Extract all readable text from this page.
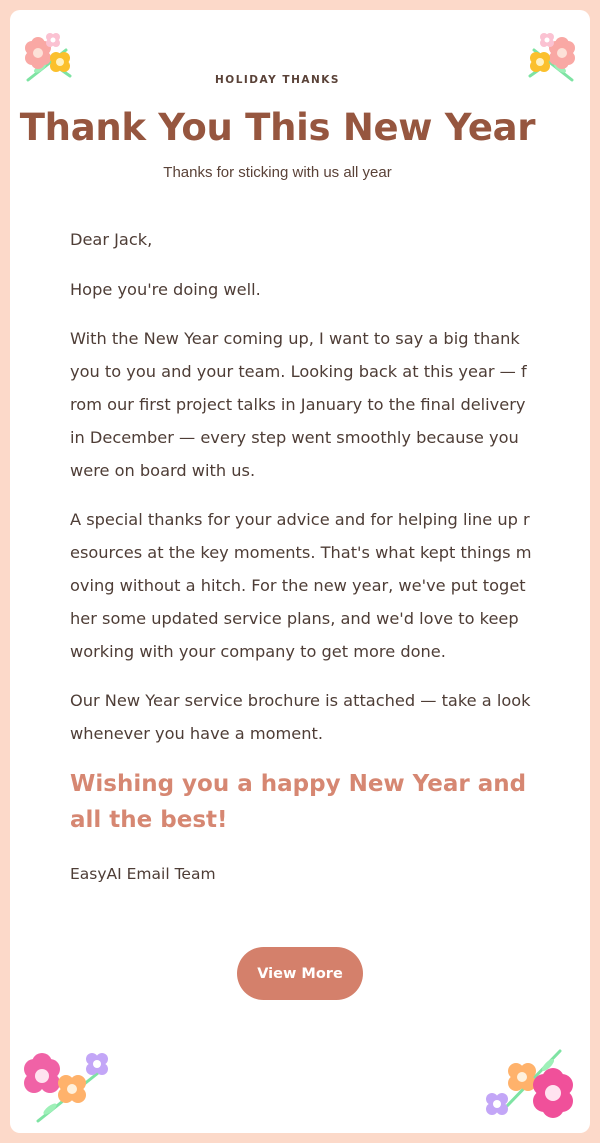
HOLIDAY THANKS
Thank You This New Year
Thanks for sticking with us all year

Dear Jack,

Hope you're doing well.

With the New Year coming up, I want to say a big thank you to you and your team. Looking back at this year — from our first project talks in January to the final delivery in December — every step went smoothly because you were on board with us.

A special thanks for your advice and for helping line up resources at the key moments. That's what kept things moving without a hitch. For the new year, we've put together some updated service plans, and we'd love to keep working with your company to get more done.

Our New Year service brochure is attached — take a look whenever you have a moment.

Wishing you a happy New Year and all the best!

EasyAI Email Team

View More
